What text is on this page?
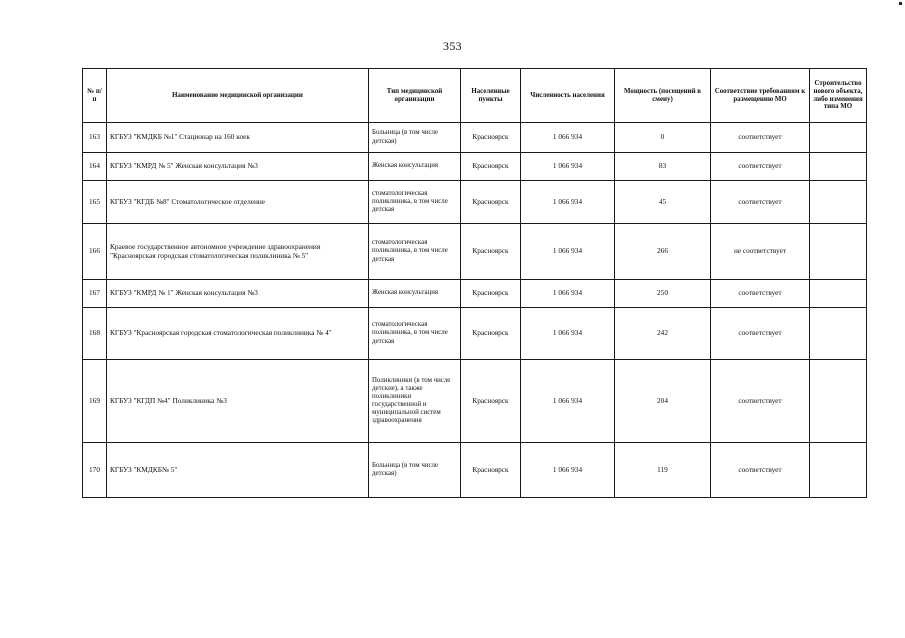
353
№ п/п	Наименование медицинской организации	Тип медицинской организации	Населенные пункты	Численность населения	Мощность (посещений в смену)	Соответствие требованиям к размещению МО	Строительство нового объекта, либо изменения типа МО
163	КГБУЗ "КМДКБ №1" Стационар на 160 коек	Больница (в том числе детская)	Красноярск	1 066 934	0	соответствует	
164	КГБУЗ "КМРД № 5" Женская консультация №3	Женская консультация	Красноярск	1 066 934	83	соответствует	
165	КГБУЗ "КГДБ №8" Стоматологическое отделение	стоматологическая поликлиника, в том числе детская	Красноярск	1 066 934	45	соответствует	
166	Краевое государственное автономное учреждение здравоохранения "Красноярская городская стоматологическая поликлиника № 5"	стоматологическая поликлиника, в том числе детская	Красноярск	1 066 934	266	не соответствует	
167	КГБУЗ "КМРД № 1" Женская консультация №3	Женская консультация	Красноярск	1 066 934	250	соответствует	
168	КГБУЗ "Красноярская городская стоматологическая поликлиника № 4"	стоматологическая поликлиника, в том числе детская	Красноярск	1 066 934	242	соответствует	
169	КГБУЗ "КГДП №4" Поликлиника №3	Поликлиники (в том числе детские), а также поликлиники государственной и муниципальной систем здравоохранения	Красноярск	1 066 934	204	соответствует	
170	КГБУЗ "КМДКБ№ 5"	Больница (в том числе детская)	Красноярск	1 066 934	119	соответствует	
